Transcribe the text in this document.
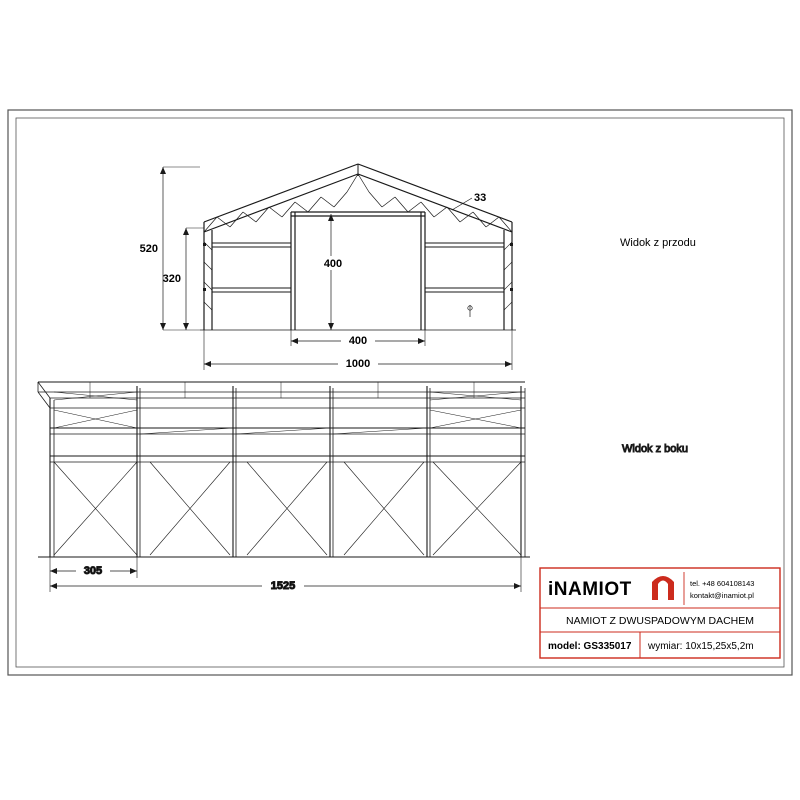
520
320
400
400
1000
33
Widok z przodu
305
1525
Widok z boku
iNAMIOT	tel. +48 604108143
kontakt@inamiot.pl
NAMIOT Z DWUSPADOWYM DACHEM
model: GS335017 wymiar: 10x15,25x5,2m
